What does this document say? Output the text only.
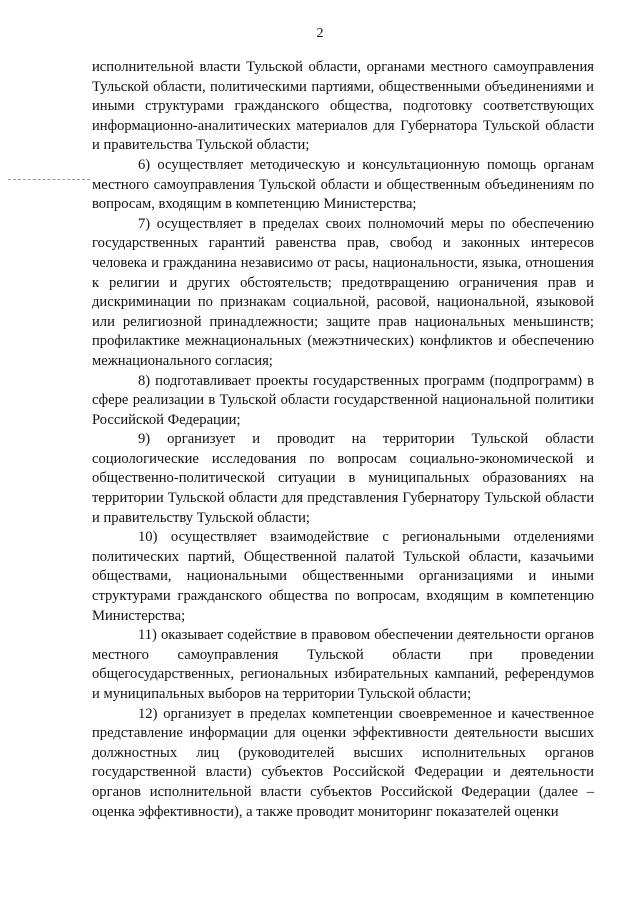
2

исполнительной власти Тульской области, органами местного самоуправления Тульской области, политическими партиями, общественными объединениями и иными структурами гражданского общества, подготовку соответствующих информационно-аналитических материалов для Губернатора Тульской области и правительства Тульской области;

6) осуществляет методическую и консультационную помощь органам местного самоуправления Тульской области и общественным объединениям по вопросам, входящим в компетенцию Министерства;

7) осуществляет в пределах своих полномочий меры по обеспечению государственных гарантий равенства прав, свобод и законных интересов человека и гражданина независимо от расы, национальности, языка, отношения к религии и других обстоятельств; предотвращению ограничения прав и дискриминации по признакам социальной, расовой, национальной, языковой или религиозной принадлежности; защите прав национальных меньшинств; профилактике межнациональных (межэтнических) конфликтов и обеспечению межнационального согласия;

8) подготавливает проекты государственных программ (подпрограмм) в сфере реализации в Тульской области государственной национальной политики Российской Федерации;

9) организует и проводит на территории Тульской области социологические исследования по вопросам социально-экономической и общественно-политической ситуации в муниципальных образованиях на территории Тульской области для представления Губернатору Тульской области и правительству Тульской области;

10) осуществляет взаимодействие с региональными отделениями политических партий, Общественной палатой Тульской области, казачьими обществами, национальными общественными организациями и иными структурами гражданского общества по вопросам, входящим в компетенцию Министерства;

11) оказывает содействие в правовом обеспечении деятельности органов местного самоуправления Тульской области при проведении общегосударственных, региональных избирательных кампаний, референдумов и муниципальных выборов на территории Тульской области;

12) организует в пределах компетенции своевременное и качественное представление информации для оценки эффективности деятельности высших должностных лиц (руководителей высших исполнительных органов государственной власти) субъектов Российской Федерации и деятельности органов исполнительной власти субъектов Российской Федерации (далее – оценка эффективности), а также проводит мониторинг показателей оценки
